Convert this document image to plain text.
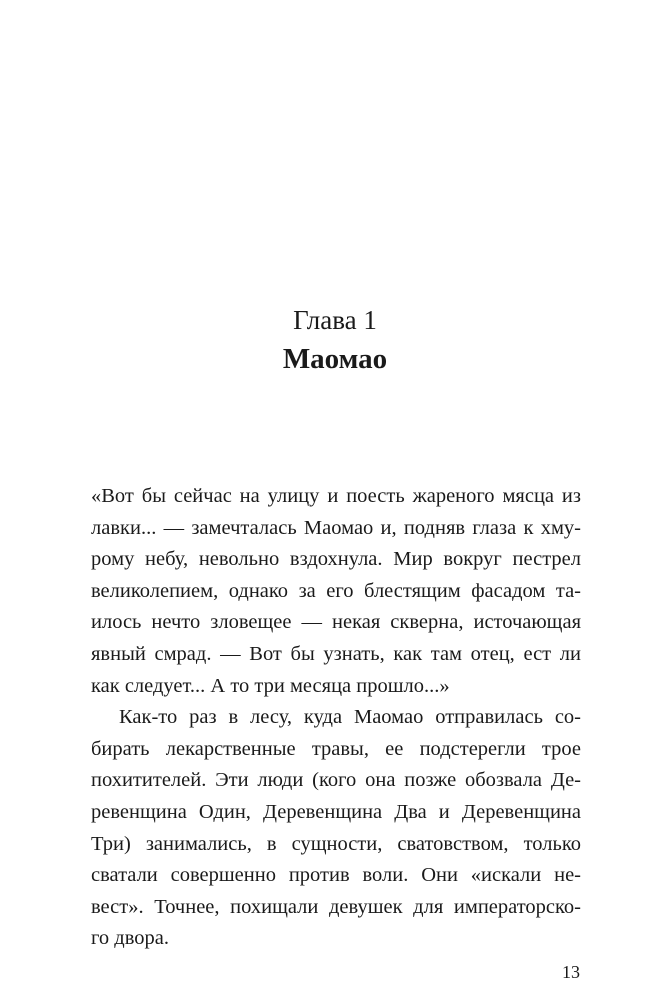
Глава 1
Маомао
«Вот бы сейчас на улицу и поесть жареного мясца из
лавки... — замечталась Маомао и, подняв глаза к хму-
рому небу, невольно вздохнула. Мир вокруг пестрел
великолепием, однако за его блестящим фасадом та-
илось нечто зловещее — некая скверна, источающая
явный смрад. — Вот бы узнать, как там отец, ест ли
как следует... А то три месяца прошло...»
Как-то раз в лесу, куда Маомао отправилась со-
бирать лекарственные травы, ее подстерегли трое
похитителей. Эти люди (кого она позже обозвала Де-
ревенщина Один, Деревенщина Два и Деревенщина
Три) занимались, в сущности, сватовством, только
сватали совершенно против воли. Они «искали не-
вест». Точнее, похищали девушек для императорско-
го двора.
13
